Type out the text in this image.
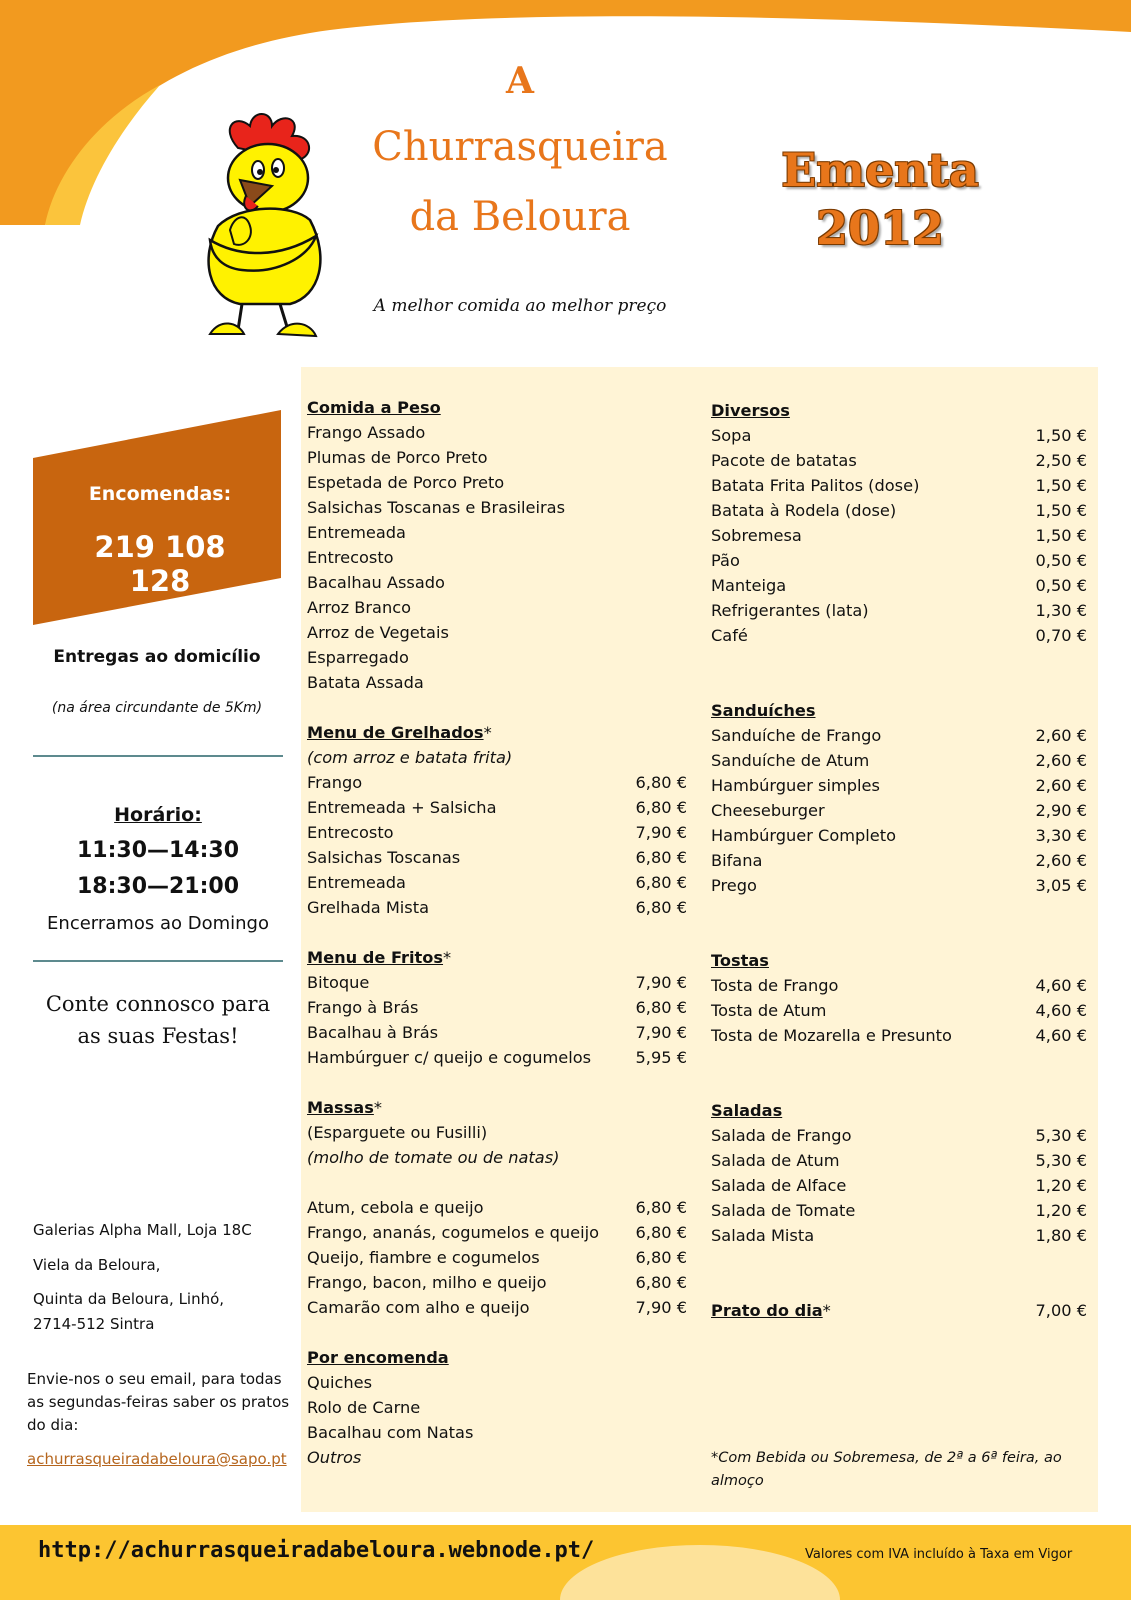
A
Churrasqueira
da Beloura
A melhor comida ao melhor preço
Ementa
2012
Encomendas:
219 108 128
Entregas ao domicílio
(na área circundante de 5Km)
Horário:
11:30—14:30
18:30—21:00
Encerramos ao Domingo
Conte connosco para
as suas Festas!
Galerias Alpha Mall, Loja 18C
Viela da Beloura,
Quinta da Beloura, Linhó,
2714-512 Sintra
Envie-nos o seu email, para todas
as segundas-feiras saber os pratos
do dia:
achurrasqueiradabeloura@sapo.pt
Comida a Peso
Frango Assado
Plumas de Porco Preto
Espetada de Porco Preto
Salsichas Toscanas e Brasileiras
Entremeada
Entrecosto
Bacalhau Assado
Arroz Branco
Arroz de Vegetais
Esparregado
Batata Assada
Menu de Grelhados*
(com arroz e batata frita)
Frango	6,80 €
Entremeada + Salsicha	6,80 €
Entrecosto	7,90 €
Salsichas Toscanas	6,80 €
Entremeada	6,80 €
Grelhada Mista	6,80 €
Menu de Fritos*
Bitoque	7,90 €
Frango à Brás	6,80 €
Bacalhau à Brás	7,90 €
Hambúrguer c/ queijo e cogumelos	5,95 €
Massas*
(Esparguete ou Fusilli)
(molho de tomate ou de natas)
Atum, cebola e queijo	6,80 €
Frango, ananás, cogumelos e queijo 6,80 €
Queijo, fiambre e cogumelos	6,80 €
Frango, bacon, milho e queijo	6,80 €
Camarão com alho e queijo	7,90 €
Por encomenda
Quiches
Rolo de Carne
Bacalhau com Natas
Outros
Diversos
Sopa	1,50 €
Pacote de batatas	2,50 €
Batata Frita Palitos (dose)	1,50 €
Batata à Rodela (dose)	1,50 €
Sobremesa	1,50 €
Pão	0,50 €
Manteiga	0,50 €
Refrigerantes (lata)	1,30 €
Café	0,70 €
Sanduíches
Sanduíche de Frango	2,60 €
Sanduíche de Atum	2,60 €
Hambúrguer simples	2,60 €
Cheeseburger	2,90 €
Hambúrguer Completo	3,30 €
Bifana	2,60 €
Prego	3,05 €
Tostas
Tosta de Frango	4,60 €
Tosta de Atum	4,60 €
Tosta de Mozarella e Presunto	4,60 €
Saladas
Salada de Frango	5,30 €
Salada de Atum	5,30 €
Salada de Alface	1,20 €
Salada de Tomate	1,20 €
Salada Mista	1,80 €
Prato do dia*	7,00 €
*Com Bebida ou Sobremesa, de 2ª a 6ª feira, ao almoço
http://achurrasqueiradabeloura.webnode.pt/	Valores com IVA incluído à Taxa em Vigor
